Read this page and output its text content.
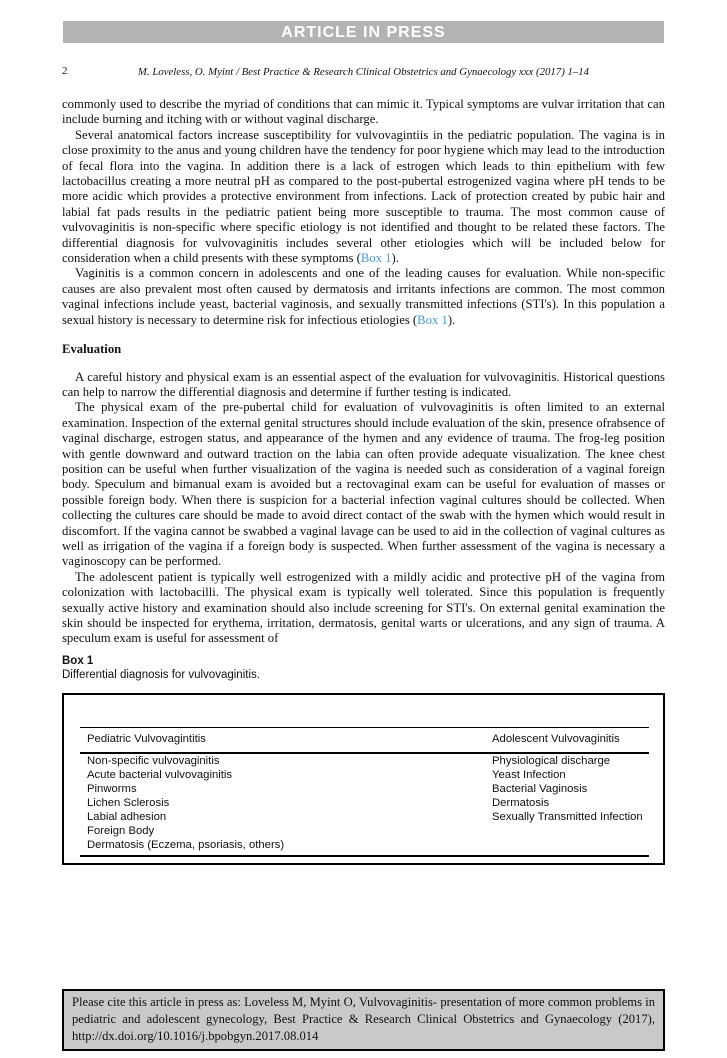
ARTICLE IN PRESS
2	M. Loveless, O. Myint / Best Practice & Research Clinical Obstetrics and Gynaecology xxx (2017) 1–14

commonly used to describe the myriad of conditions that can mimic it. Typical symptoms are vulvar irritation that can include burning and itching with or without vaginal discharge.

Several anatomical factors increase susceptibility for vulvovagintiis in the pediatric population. The vagina is in close proximity to the anus and young children have the tendency for poor hygiene which may lead to the introduction of fecal flora into the vagina. In addition there is a lack of estrogen which leads to thin epithelium with few lactobacillus creating a more neutral pH as compared to the post-pubertal estrogenized vagina where pH tends to be more acidic which provides a protective environment from infections. Lack of protection created by pubic hair and labial fat pads results in the pediatric patient being more susceptible to trauma. The most common cause of vulvovaginitis is non-specific where specific etiology is not identified and thought to be related these factors. The differential diagnosis for vulvovaginitis includes several other etiologies which will be included below for consideration when a child presents with these symptoms (Box 1).

Vaginitis is a common concern in adolescents and one of the leading causes for evaluation. While non-specific causes are also prevalent most often caused by dermatosis and irritants infections are common. The most common vaginal infections include yeast, bacterial vaginosis, and sexually transmitted infections (STI's). In this population a sexual history is necessary to determine risk for infectious etiologies (Box 1).

Evaluation

A careful history and physical exam is an essential aspect of the evaluation for vulvovaginitis. Historical questions can help to narrow the differential diagnosis and determine if further testing is indicated.

The physical exam of the pre-pubertal child for evaluation of vulvovaginitis is often limited to an external examination. Inspection of the external genital structures should include evaluation of the skin, presence ofrabsence of vaginal discharge, estrogen status, and appearance of the hymen and any evidence of trauma. The frog-leg position with gentle downward and outward traction on the labia can often provide adequate visualization. The knee chest position can be useful when further visualization of the vagina is needed such as consideration of a vaginal foreign body. Speculum and bimanual exam is avoided but a rectovaginal exam can be useful for evaluation of masses or possible foreign body. When there is suspicion for a bacterial infection vaginal cultures should be collected. When collecting the cultures care should be made to avoid direct contact of the swab with the hymen which would result in discomfort. If the vagina cannot be swabbed a vaginal lavage can be used to aid in the collection of vaginal cultures as well as irrigation of the vagina if a foreign body is suspected. When further assessment of the vagina is necessary a vaginoscopy can be performed.

The adolescent patient is typically well estrogenized with a mildly acidic and protective pH of the vagina from colonization with lactobacilli. The physical exam is typically well tolerated. Since this population is frequently sexually active history and examination should also include screening for STI's. On external genital examination the skin should be inspected for erythema, irritation, dermatosis, genital warts or ulcerations, and any sign of trauma. A speculum exam is useful for assessment of

Box 1
Differential diagnosis for vulvovaginitis.
Pediatric Vulvovagintitis	Adolescent Vulvovaginitis
Non-specific vulvovaginitis	Physiological discharge
Acute bacterial vulvovaginitis	Yeast Infection
Pinworms	Bacterial Vaginosis
Lichen Sclerosis	Dermatosis
Labial adhesion	Sexually Transmitted Infection
Foreign Body	
Dermatosis (Eczema, psoriasis, others)	
Please cite this article in press as: Loveless M, Myint O, Vulvovaginitis- presentation of more common problems in pediatric and adolescent gynecology, Best Practice & Research Clinical Obstetrics and Gynaecology (2017), http://dx.doi.org/10.1016/j.bpobgyn.2017.08.014
